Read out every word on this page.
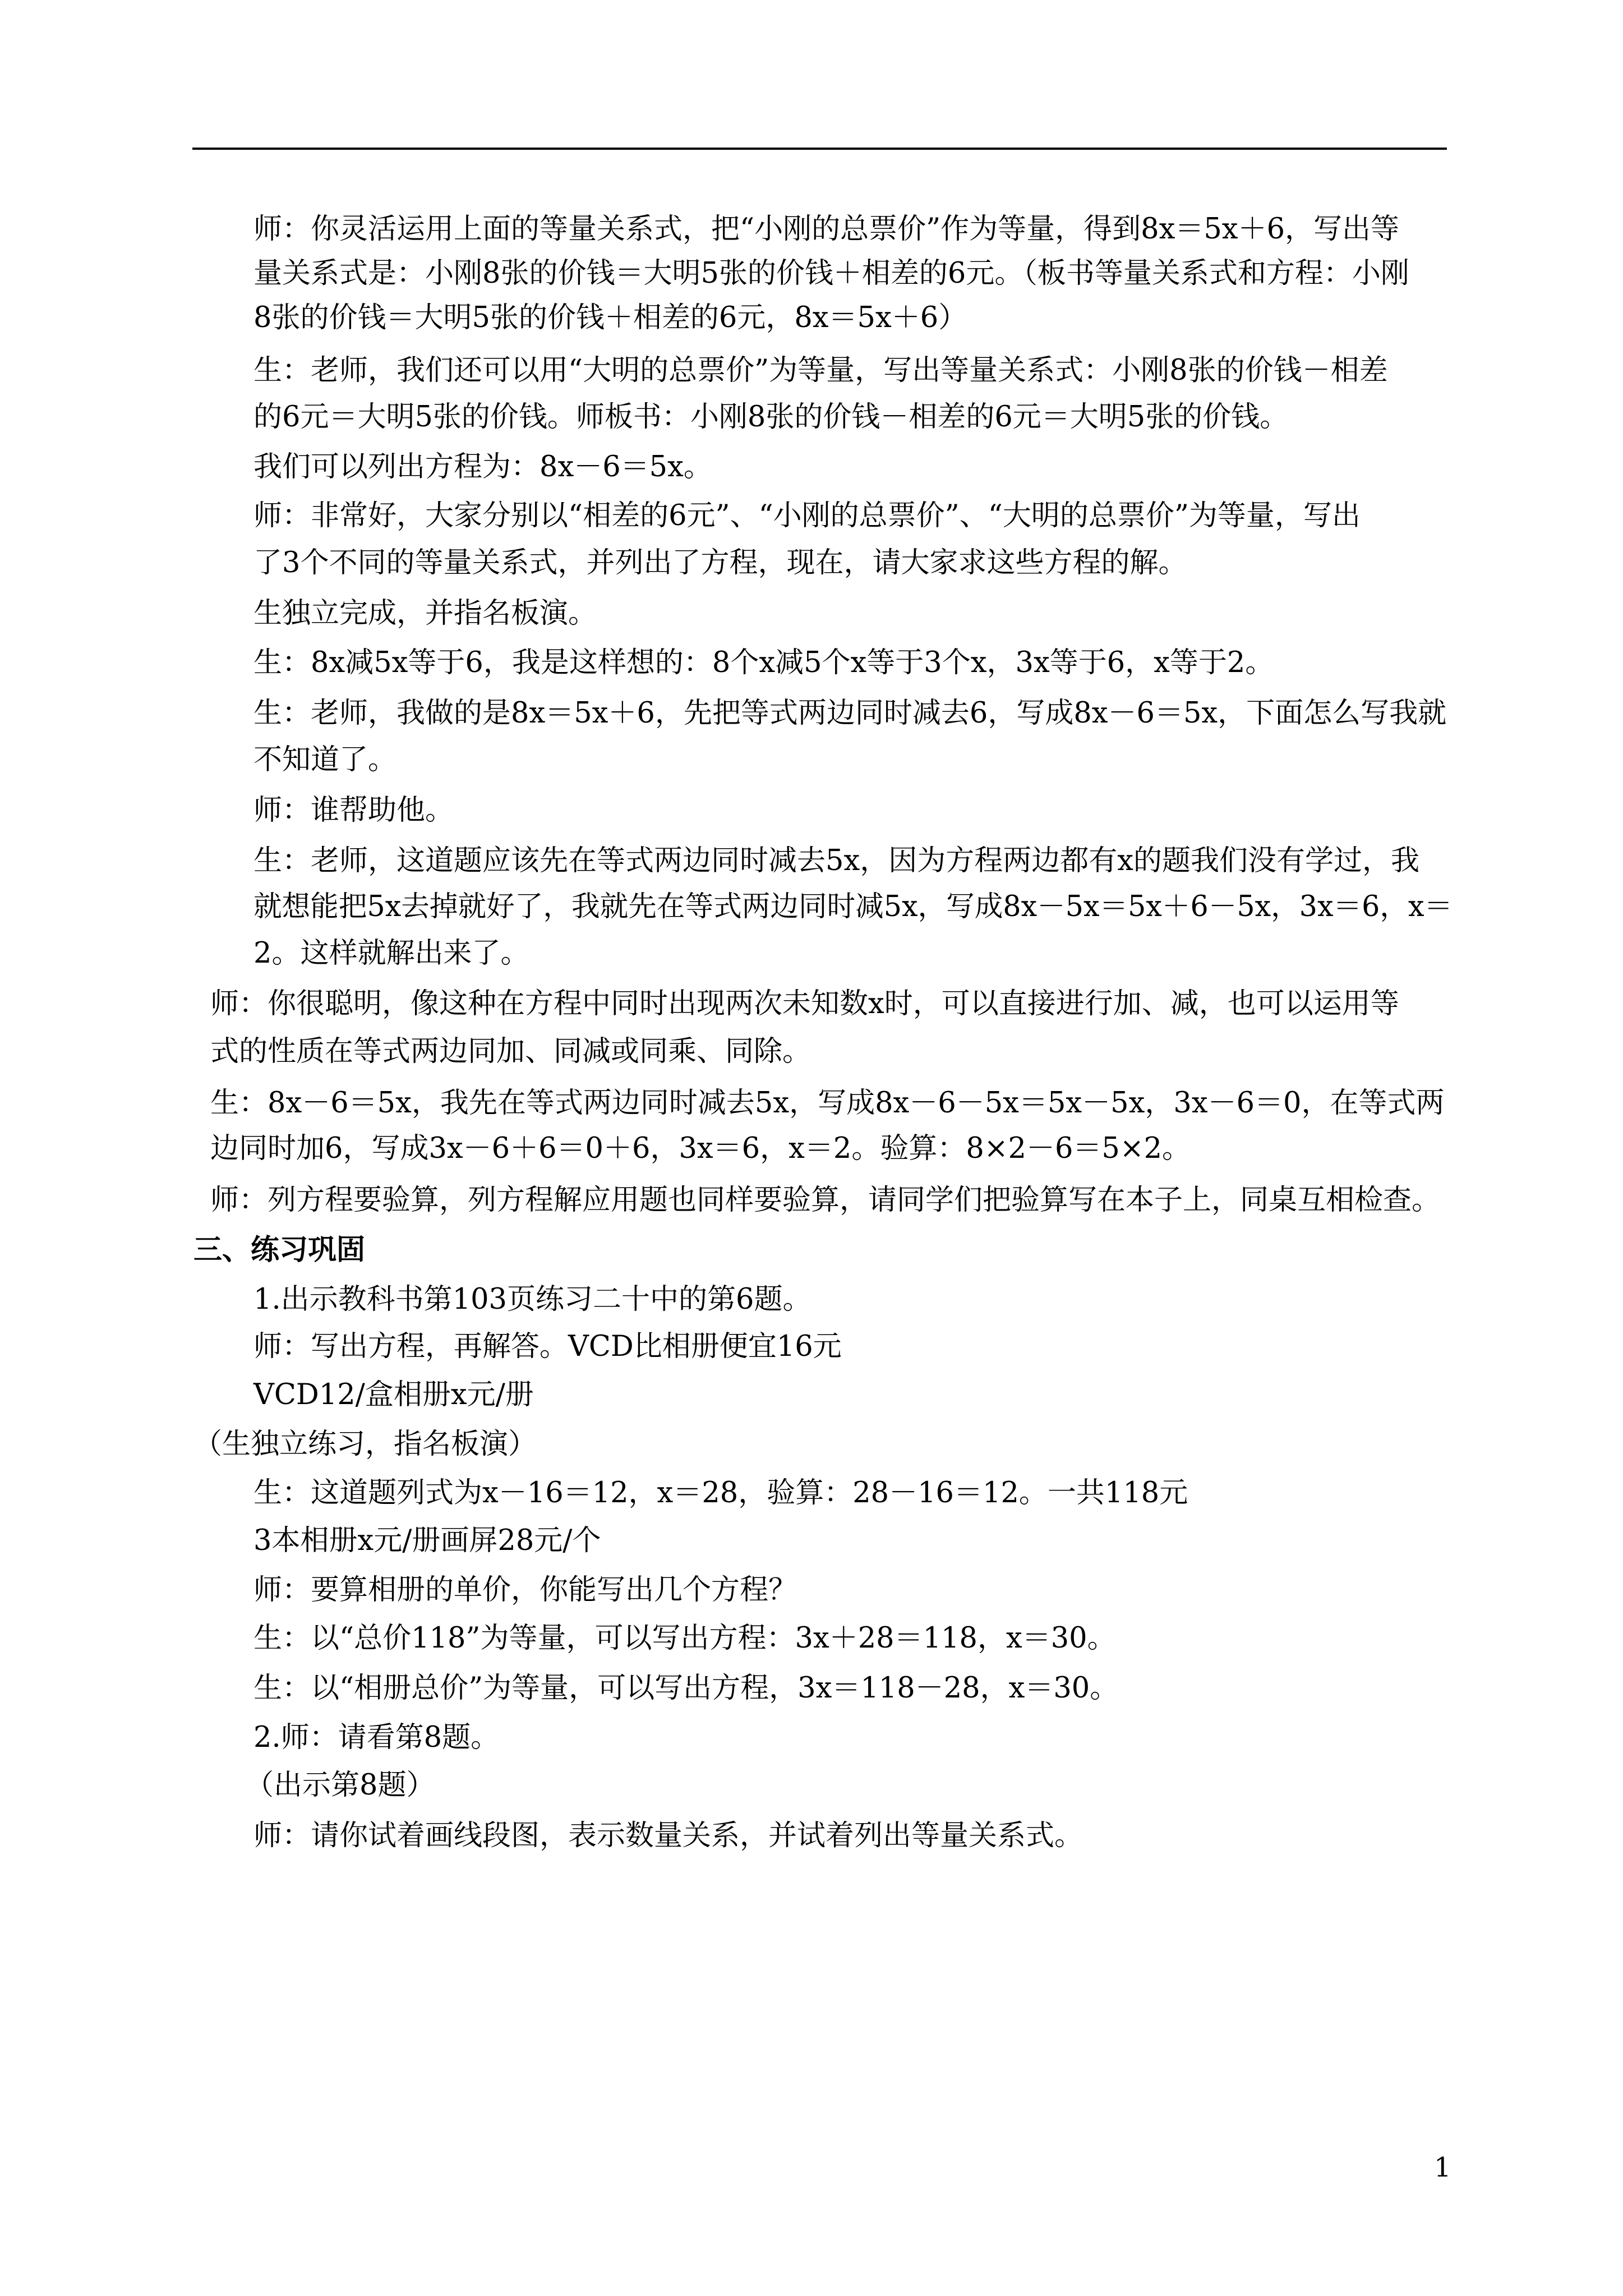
师：你灵活运用上面的等量关系式，把“小刚的总票价”作为等量，得到8x＝5x＋6，写出等
量关系式是：小刚8张的价钱＝大明5张的价钱＋相差的6元。（板书等量关系式和方程：小刚
8张的价钱＝大明5张的价钱＋相差的6元，8x＝5x＋6）
生：老师，我们还可以用“大明的总票价”为等量，写出等量关系式：小刚8张的价钱－相差
的6元＝大明5张的价钱。师板书：小刚8张的价钱－相差的6元＝大明5张的价钱。
我们可以列出方程为：8x－6＝5x。
师：非常好，大家分别以“相差的6元”、“小刚的总票价”、“大明的总票价”为等量，写出
了3个不同的等量关系式，并列出了方程，现在，请大家求这些方程的解。
生独立完成，并指名板演。
生：8x减5x等于6，我是这样想的：8个x减5个x等于3个x，3x等于6，x等于2。
生：老师，我做的是8x＝5x＋6，先把等式两边同时减去6，写成8x－6＝5x，下面怎么写我就
不知道了。
师：谁帮助他。
生：老师，这道题应该先在等式两边同时减去5x，因为方程两边都有x的题我们没有学过，我
就想能把5x去掉就好了，我就先在等式两边同时减5x，写成8x－5x＝5x＋6－5x，3x＝6，x＝
2。这样就解出来了。
师：你很聪明，像这种在方程中同时出现两次未知数x时，可以直接进行加、减，也可以运用等
式的性质在等式两边同加、同减或同乘、同除。
生：8x－6＝5x，我先在等式两边同时减去5x，写成8x－6－5x＝5x－5x，3x－6＝0，在等式两
边同时加6，写成3x－6＋6＝0＋6，3x＝6，x＝2。验算：8×2－6＝5×2。
师：列方程要验算，列方程解应用题也同样要验算，请同学们把验算写在本子上，同桌互相检查。
三、练习巩固
1.出示教科书第103页练习二十中的第6题。
师：写出方程，再解答。VCD比相册便宜16元
VCD12/盒相册x元/册
（生独立练习，指名板演）
生：这道题列式为x－16＝12，x＝28，验算：28－16＝12。一共118元
3本相册x元/册画屏28元/个
师：要算相册的单价，你能写出几个方程？
生：以“总价118”为等量，可以写出方程：3x＋28＝118，x＝30。
生：以“相册总价”为等量，可以写出方程，3x＝118－28，x＝30。
2.师：请看第8题。
（出示第8题）
师：请你试着画线段图，表示数量关系，并试着列出等量关系式。
1
